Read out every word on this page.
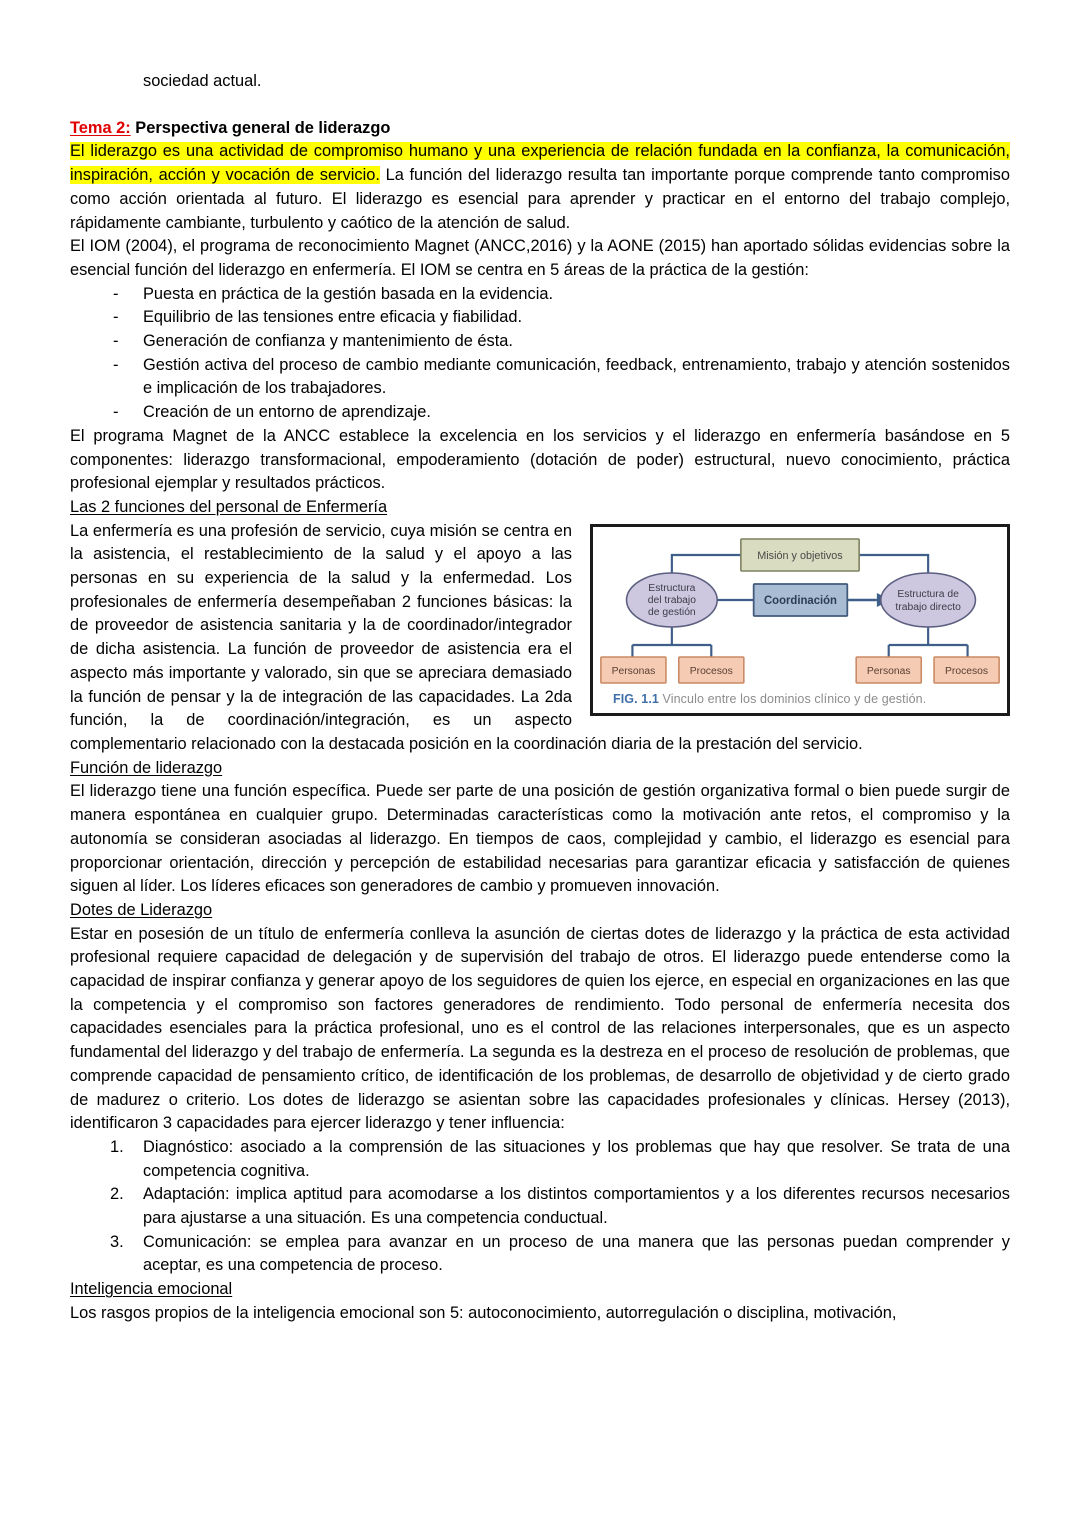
sociedad actual.
Tema 2: Perspectiva general de liderazgo

El liderazgo es una actividad de compromiso humano y una experiencia de relación fundada en la confianza, la comunicación, inspiración, acción y vocación de servicio. La función del liderazgo resulta tan importante porque comprende tanto compromiso como acción orientada al futuro. El liderazgo es esencial para aprender y practicar en el entorno del trabajo complejo, rápidamente cambiante, turbulento y caótico de la atención de salud.

El IOM (2004), el programa de reconocimiento Magnet (ANCC,2016) y la AONE (2015) han aportado sólidas evidencias sobre la esencial función del liderazgo en enfermería. El IOM se centra en 5 áreas de la práctica de la gestión:

- Puesta en práctica de la gestión basada en la evidencia.
- Equilibrio de las tensiones entre eficacia y fiabilidad.
- Generación de confianza y mantenimiento de ésta.
- Gestión activa del proceso de cambio mediante comunicación, feedback, entrenamiento, trabajo y atención sostenidos e implicación de los trabajadores.
- Creación de un entorno de aprendizaje.

El programa Magnet de la ANCC establece la excelencia en los servicios y el liderazgo en enfermería basándose en 5 componentes: liderazgo transformacional, empoderamiento (dotación de poder) estructural, nuevo conocimiento, práctica profesional ejemplar y resultados prácticos.

Las 2 funciones del personal de Enfermería
Misión y objetivos
Estructura
del trabajo
de gestión
Coordinación
Estructura de
trabajo directo
Personas	Procesos	Personas	Procesos
FIG. 1.1 Vinculo entre los dominios clínico y de gestión.

La enfermería es una profesión de servicio, cuya misión se centra en la asistencia, el restablecimiento de la salud y el apoyo a las personas en su experiencia de la salud y la enfermedad. Los profesionales de enfermería desempeñaban 2 funciones básicas: la de proveedor de asistencia sanitaria y la de coordinador/integrador de dicha asistencia. La función de proveedor de asistencia era el aspecto más importante y valorado, sin que se apreciara demasiado la función de pensar y la de integración de las capacidades. La 2da función, la de coordinación/integración, es un aspecto complementario relacionado con la destacada posición en la coordinación diaria de la prestación del servicio.

Función de liderazgo

El liderazgo tiene una función específica. Puede ser parte de una posición de gestión organizativa formal o bien puede surgir de manera espontánea en cualquier grupo. Determinadas características como la motivación ante retos, el compromiso y la autonomía se consideran asociadas al liderazgo. En tiempos de caos, complejidad y cambio, el liderazgo es esencial para proporcionar orientación, dirección y percepción de estabilidad necesarias para garantizar eficacia y satisfacción de quienes siguen al líder. Los líderes eficaces son generadores de cambio y promueven innovación.

Dotes de Liderazgo

Estar en posesión de un título de enfermería conlleva la asunción de ciertas dotes de liderazgo y la práctica de esta actividad profesional requiere capacidad de delegación y de supervisión del trabajo de otros. El liderazgo puede entenderse como la capacidad de inspirar confianza y generar apoyo de los seguidores de quien los ejerce, en especial en organizaciones en las que la competencia y el compromiso son factores generadores de rendimiento. Todo personal de enfermería necesita dos capacidades esenciales para la práctica profesional, uno es el control de las relaciones interpersonales, que es un aspecto fundamental del liderazgo y del trabajo de enfermería. La segunda es la destreza en el proceso de resolución de problemas, que comprende capacidad de pensamiento crítico, de identificación de los problemas, de desarrollo de objetividad y de cierto grado de madurez o criterio. Los dotes de liderazgo se asientan sobre las capacidades profesionales y clínicas. Hersey (2013), identificaron 3 capacidades para ejercer liderazgo y tener influencia:

Diagnóstico: asociado a la comprensión de las situaciones y los problemas que hay que resolver. Se trata de una competencia cognitiva.
Adaptación: implica aptitud para acomodarse a los distintos comportamientos y a los diferentes recursos necesarios para ajustarse a una situación. Es una competencia conductual.
Comunicación: se emplea para avanzar en un proceso de una manera que las personas puedan comprender y aceptar, es una competencia de proceso.
Inteligencia emocional

Los rasgos propios de la inteligencia emocional son 5: autoconocimiento, autorregulación o disciplina, motivación,
